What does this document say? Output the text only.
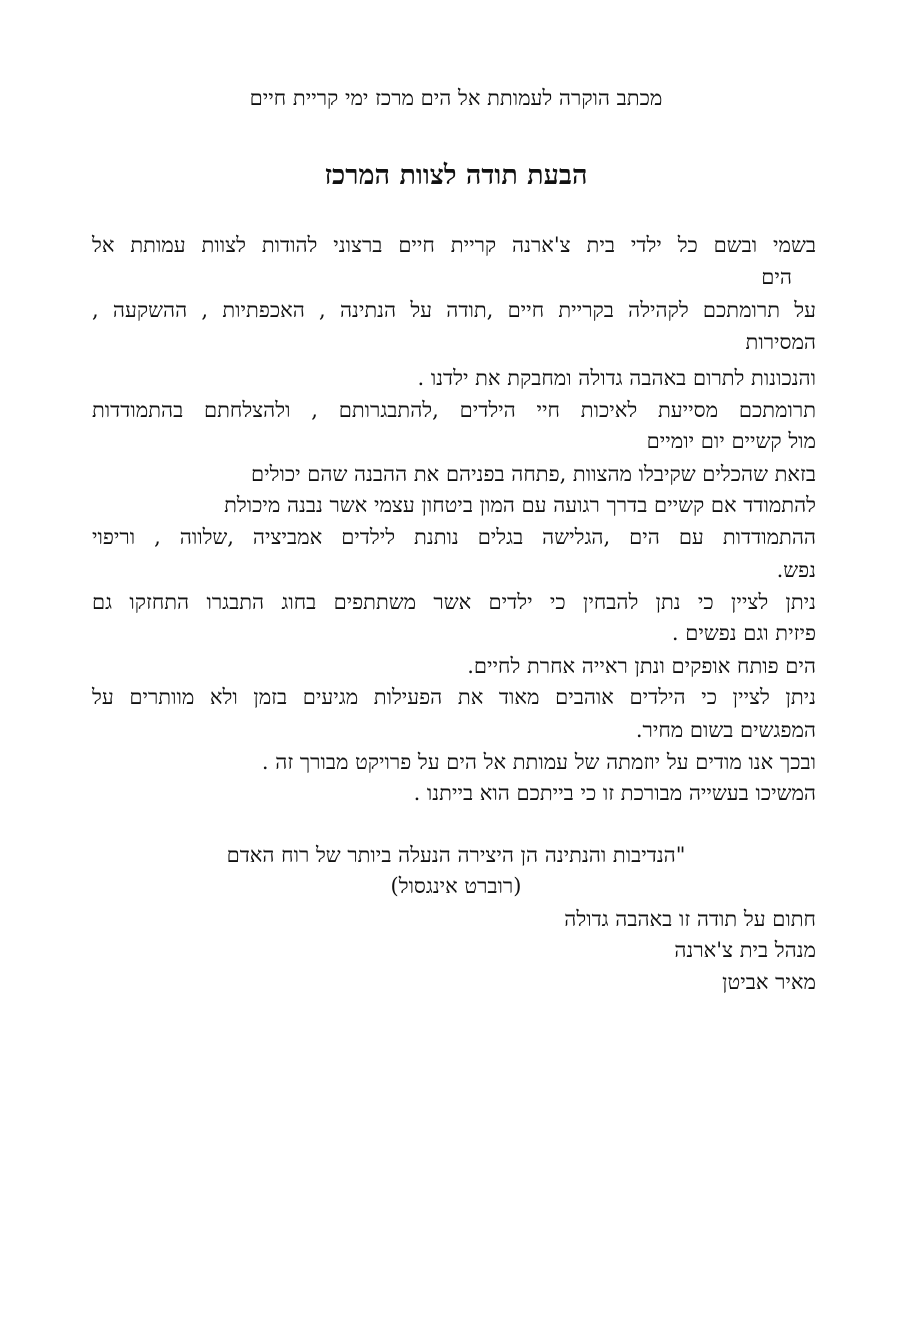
מכתב הוקרה לעמותת אל הים מרכז ימי קריית חיים
הבעת תודה לצוות המרכז
בשמי ובשם כל ילדי בית צ'ארנה קריית חיים ברצוני להודות לצוות עמותת אל
הים
על תרומתכם לקהילה בקריית חיים ,תודה על הנתינה , האכפתיות , ההשקעה ,
המסירות
והנכונות לתרום באהבה גדולה ומחבקת את ילדנו .
תרומתכם מסייעת לאיכות חיי הילדים ,להתבגרותם , ולהצלחתם בהתמודדות
מול קשיים יום יומיים
בזאת שהכלים שקיבלו מהצוות ,פתחה בפניהם את ההבנה שהם יכולים
להתמודד אם קשיים בדרך רגועה עם המון ביטחון עצמי אשר נבנה מיכולת
ההתמודדות עם הים ,הגלישה בגלים נותנת לילדים אמביציה ,שלווה , וריפוי
נפש.
ניתן לציין כי נתן להבחין כי ילדים אשר משתתפים בחוג התבגרו התחזקו גם
פיזית וגם נפשים .
הים פותח אופקים ונתן ראייה אחרת לחיים.
ניתן לציין כי הילדים אוהבים מאוד את הפעילות מגיעים בזמן ולא מוותרים על
המפגשים בשום מחיר.
ובכך אנו מודים על יוזמתה של עמותת אל הים על פרויקט מבורך זה .
המשיכו בעשייה מבורכת זו כי בייתכם הוא בייתנו .
"הנדיבות והנתינה הן היצירה הנעלה ביותר של רוח האדם
(רוברט אינגסול)
חתום על תודה זו באהבה גדולה
מנהל בית צ'ארנה
מאיר אביטן
